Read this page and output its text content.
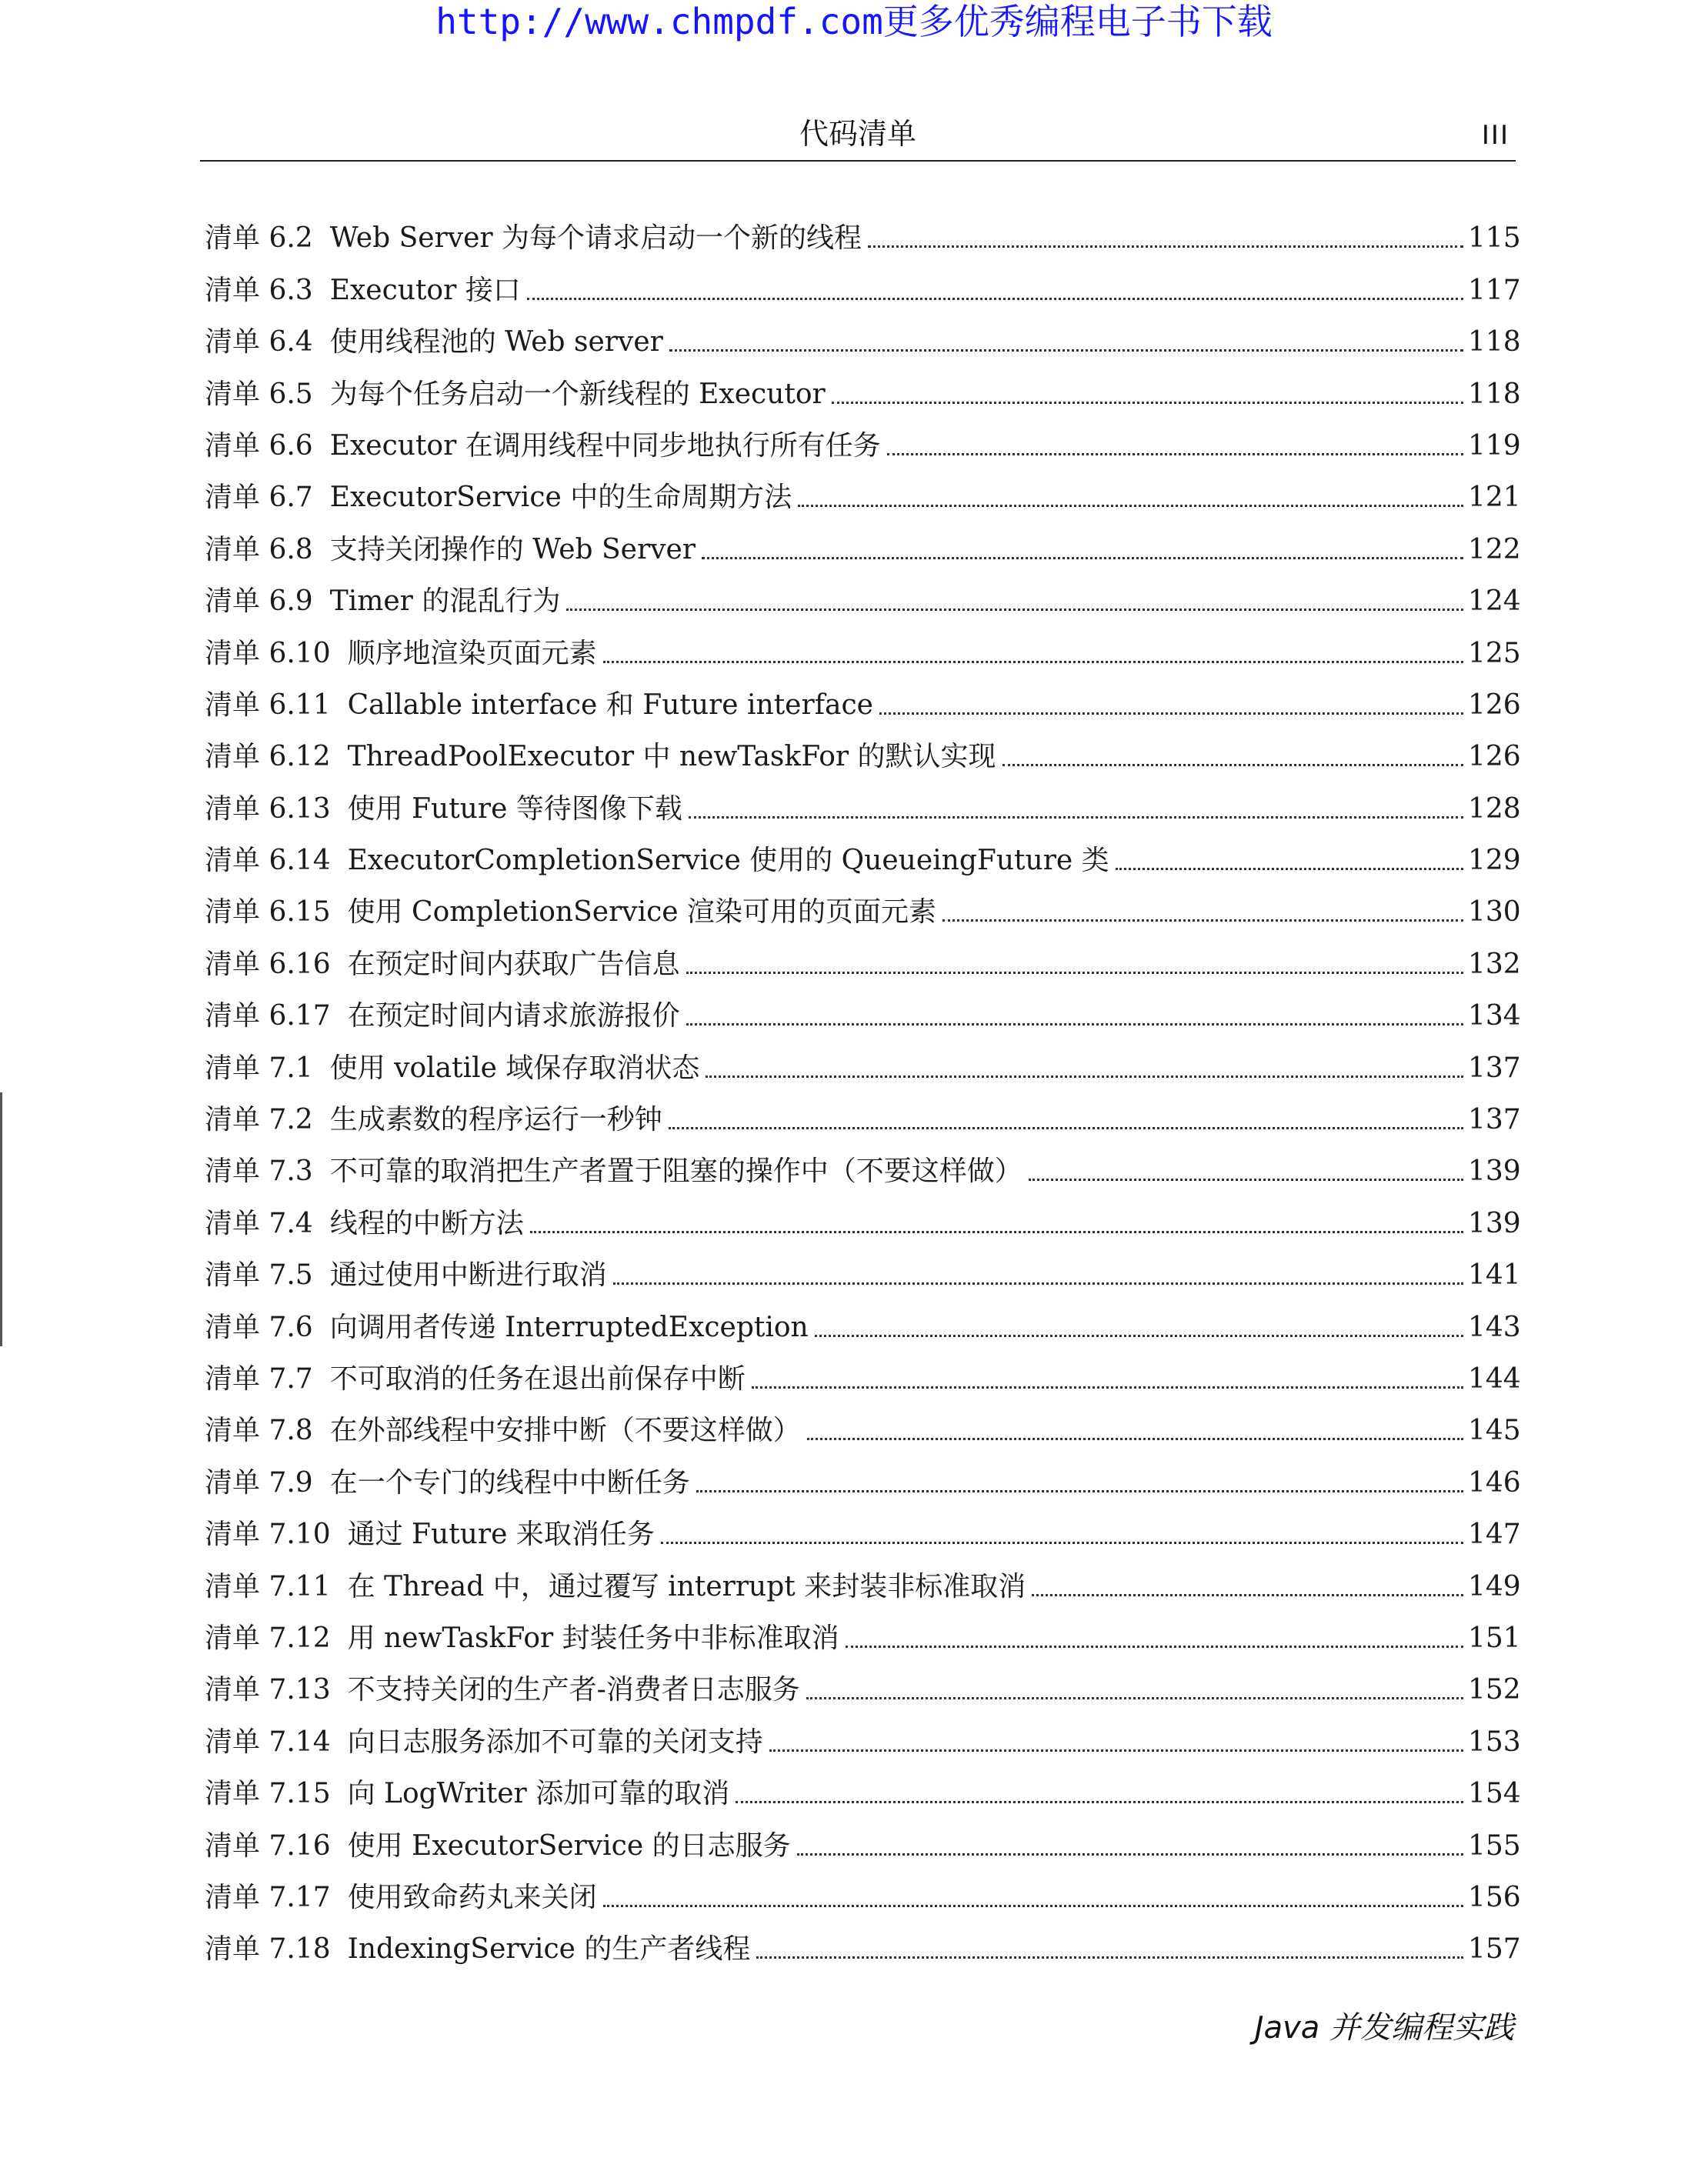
http://www.chmpdf.com更多优秀编程电子书下载
代码清单	III
清单 6.2 Web Server 为每个请求启动一个新的线程	115
清单 6.3 Executor 接口	117
清单 6.4 使用线程池的 Web server	118
清单 6.5 为每个任务启动一个新线程的 Executor	118
清单 6.6 Executor 在调用线程中同步地执行所有任务	119
清单 6.7 ExecutorService 中的生命周期方法	121
清单 6.8 支持关闭操作的 Web Server	122
清单 6.9 Timer 的混乱行为	124
清单 6.10 顺序地渲染页面元素	125
清单 6.11 Callable interface 和 Future interface	126
清单 6.12 ThreadPoolExecutor 中 newTaskFor 的默认实现	126
清单 6.13 使用 Future 等待图像下载	128
清单 6.14 ExecutorCompletionService 使用的 QueueingFuture 类	129
清单 6.15 使用 CompletionService 渲染可用的页面元素	130
清单 6.16 在预定时间内获取广告信息	132
清单 6.17 在预定时间内请求旅游报价	134
清单 7.1 使用 volatile 域保存取消状态	137
清单 7.2 生成素数的程序运行一秒钟	137
清单 7.3 不可靠的取消把生产者置于阻塞的操作中（不要这样做）	139
清单 7.4 线程的中断方法	139
清单 7.5 通过使用中断进行取消	141
清单 7.6 向调用者传递 InterruptedException	143
清单 7.7 不可取消的任务在退出前保存中断	144
清单 7.8 在外部线程中安排中断（不要这样做）	145
清单 7.9 在一个专门的线程中中断任务	146
清单 7.10 通过 Future 来取消任务	147
清单 7.11 在 Thread 中，通过覆写 interrupt 来封装非标准取消	149
清单 7.12 用 newTaskFor 封装任务中非标准取消	151
清单 7.13 不支持关闭的生产者-消费者日志服务	152
清单 7.14 向日志服务添加不可靠的关闭支持	153
清单 7.15 向 LogWriter 添加可靠的取消	154
清单 7.16 使用 ExecutorService 的日志服务	155
清单 7.17 使用致命药丸来关闭	156
清单 7.18 IndexingService 的生产者线程	157
Java 并发编程实践
